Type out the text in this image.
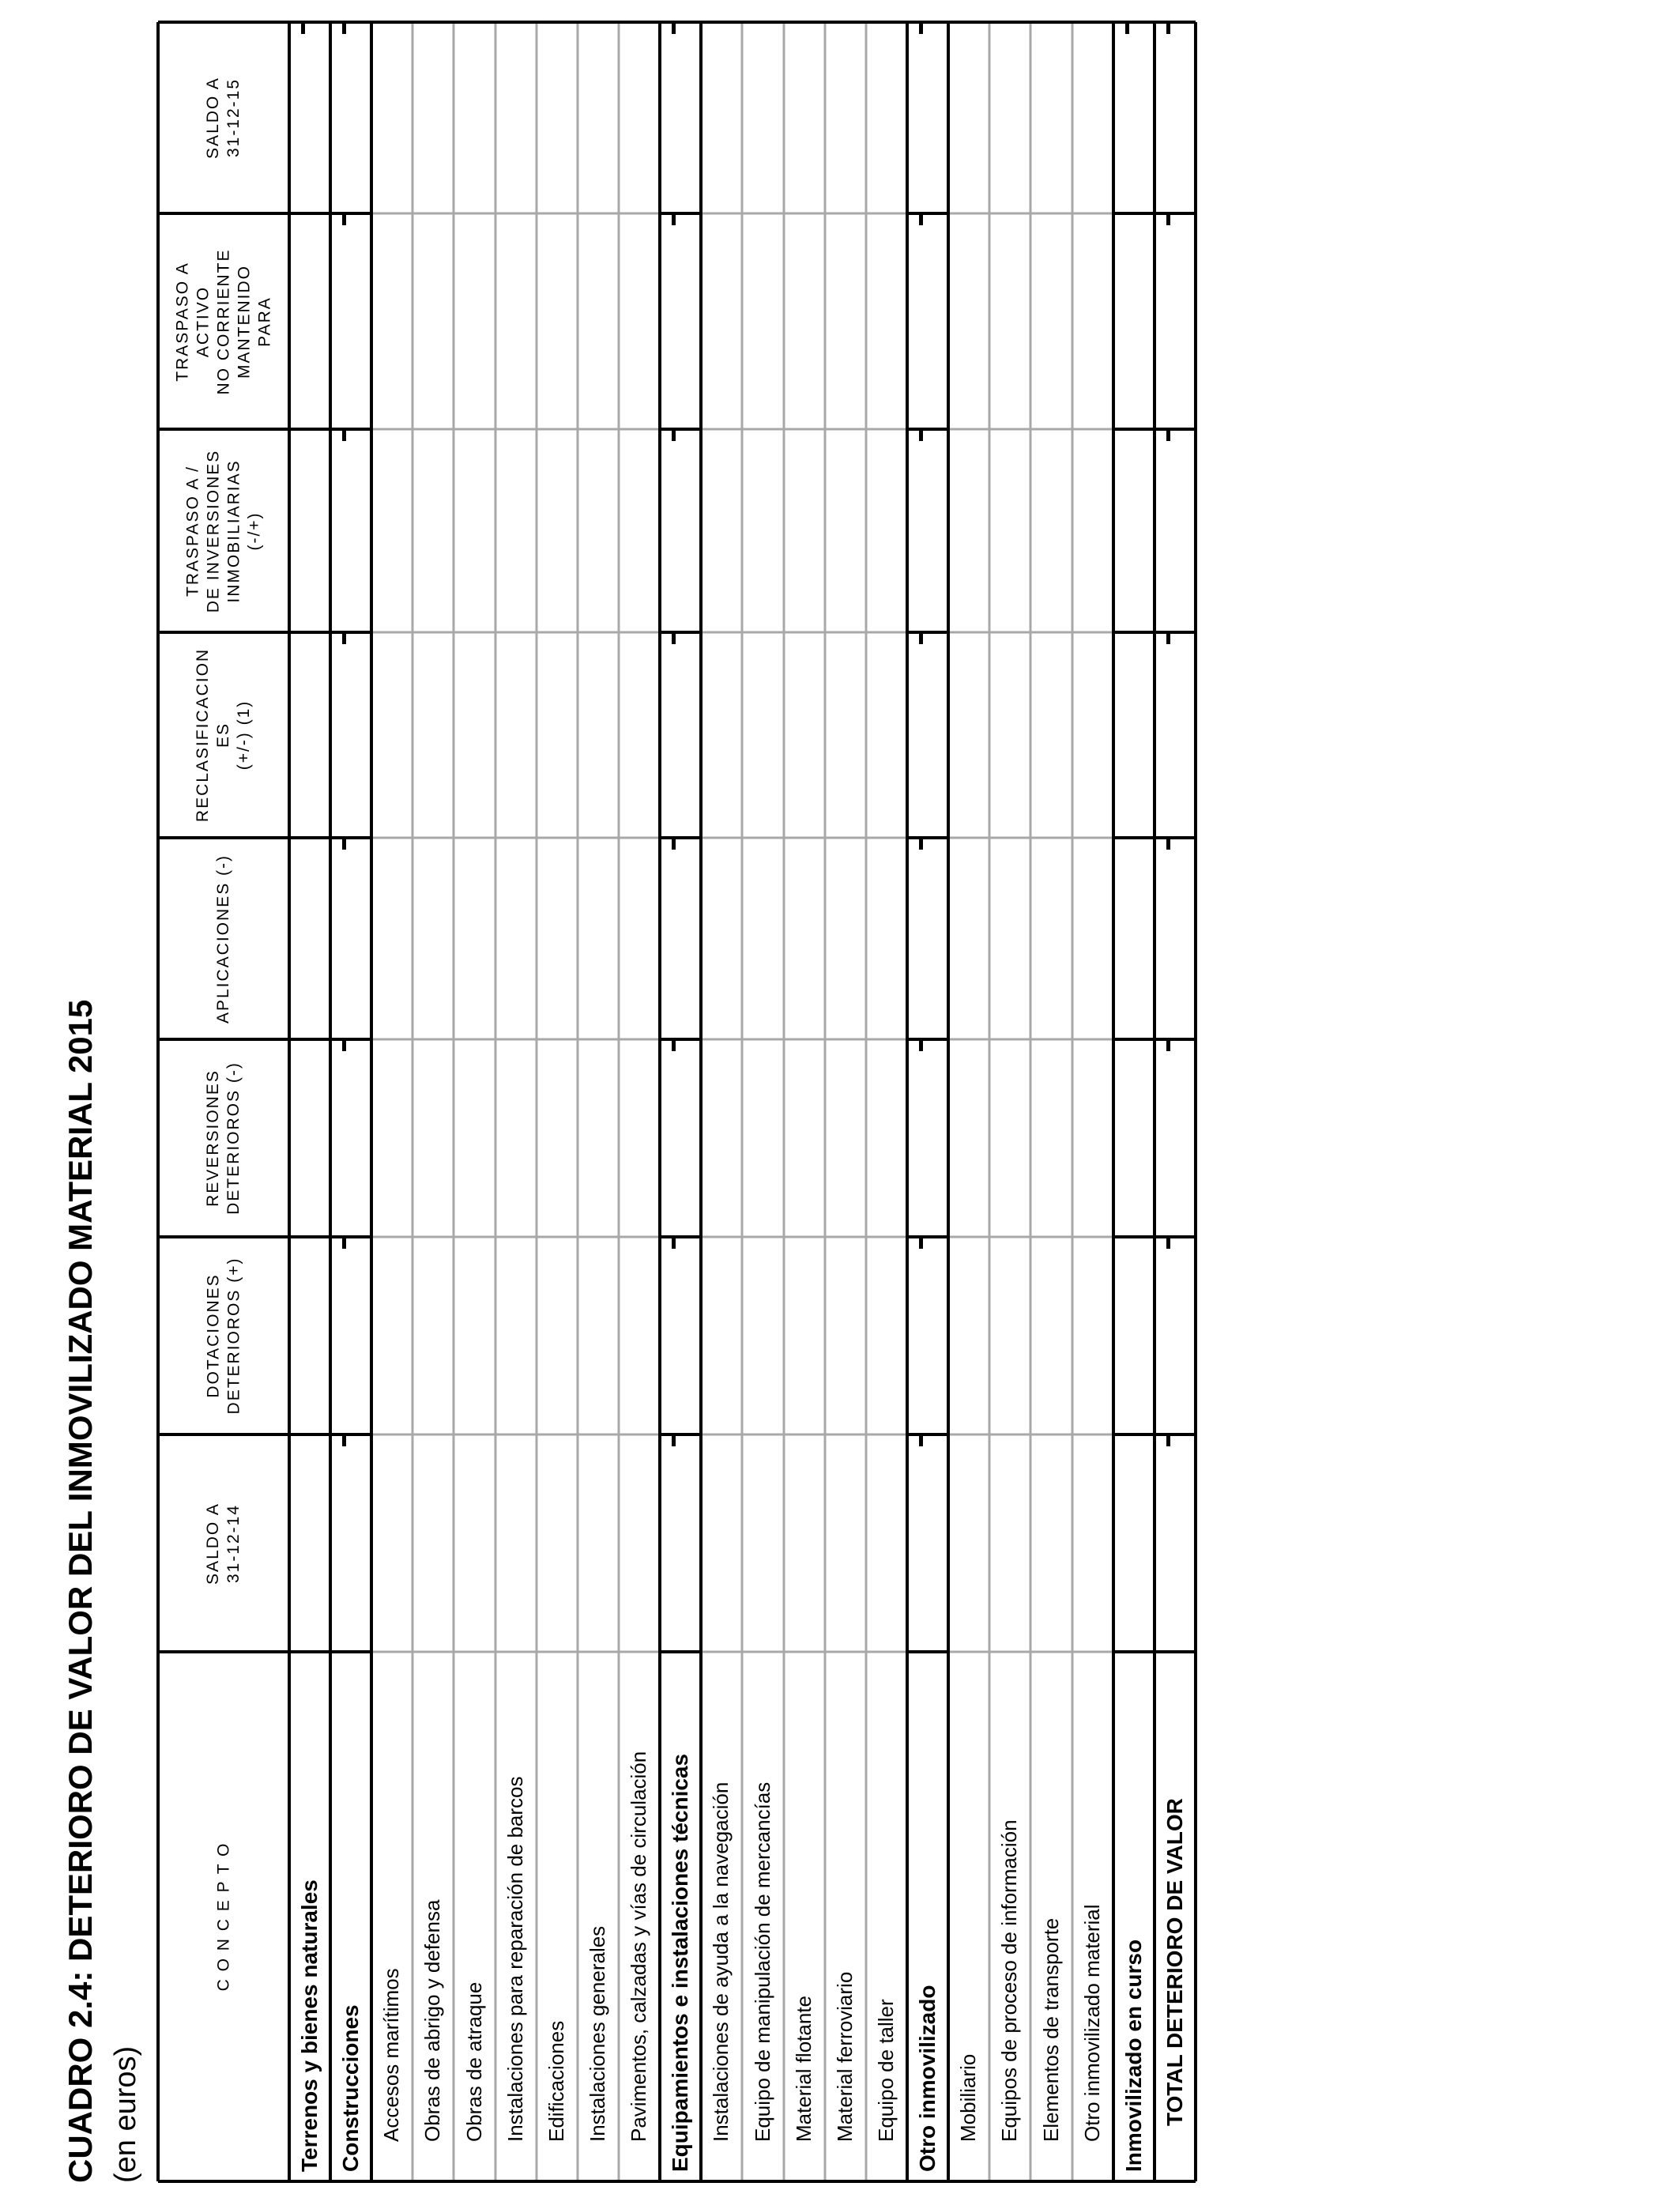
CUADRO 2.4: DETERIORO DE VALOR DEL INMOVILIZADO MATERIAL 2015 (en euros)
C O N C E P T O
SALDO A
31-12-14
DOTACIONES
DETERIOROS (+)
REVERSIONES
DETERIOROS (-)
APLICACIONES (-)
RECLASIFICACION
ES
(+/-) (1)
TRASPASO A /
DE INVERSIONES
INMOBILIARIAS
(-/+)
TRASPASO A
ACTIVO
NO CORRIENTE
MANTENIDO
PARA
SALDO A
31-12-15
Terrenos y bienes naturales Construcciones Accesos marítimos Obras de abrigo y defensa Obras de atraque Instalaciones para reparación de barcos Edificaciones Instalaciones generales Pavimentos, calzadas y vías de circulación Equipamientos e instalaciones técnicas Instalaciones de ayuda a la navegación Equipo de manipulación de mercancías Material flotante Material ferroviario Equipo de taller Otro inmovilizado Mobiliario Equipos de proceso de información Elementos de transporte Otro inmovilizado material Inmovilizado en curso TOTAL DETERIORO DE VALOR
